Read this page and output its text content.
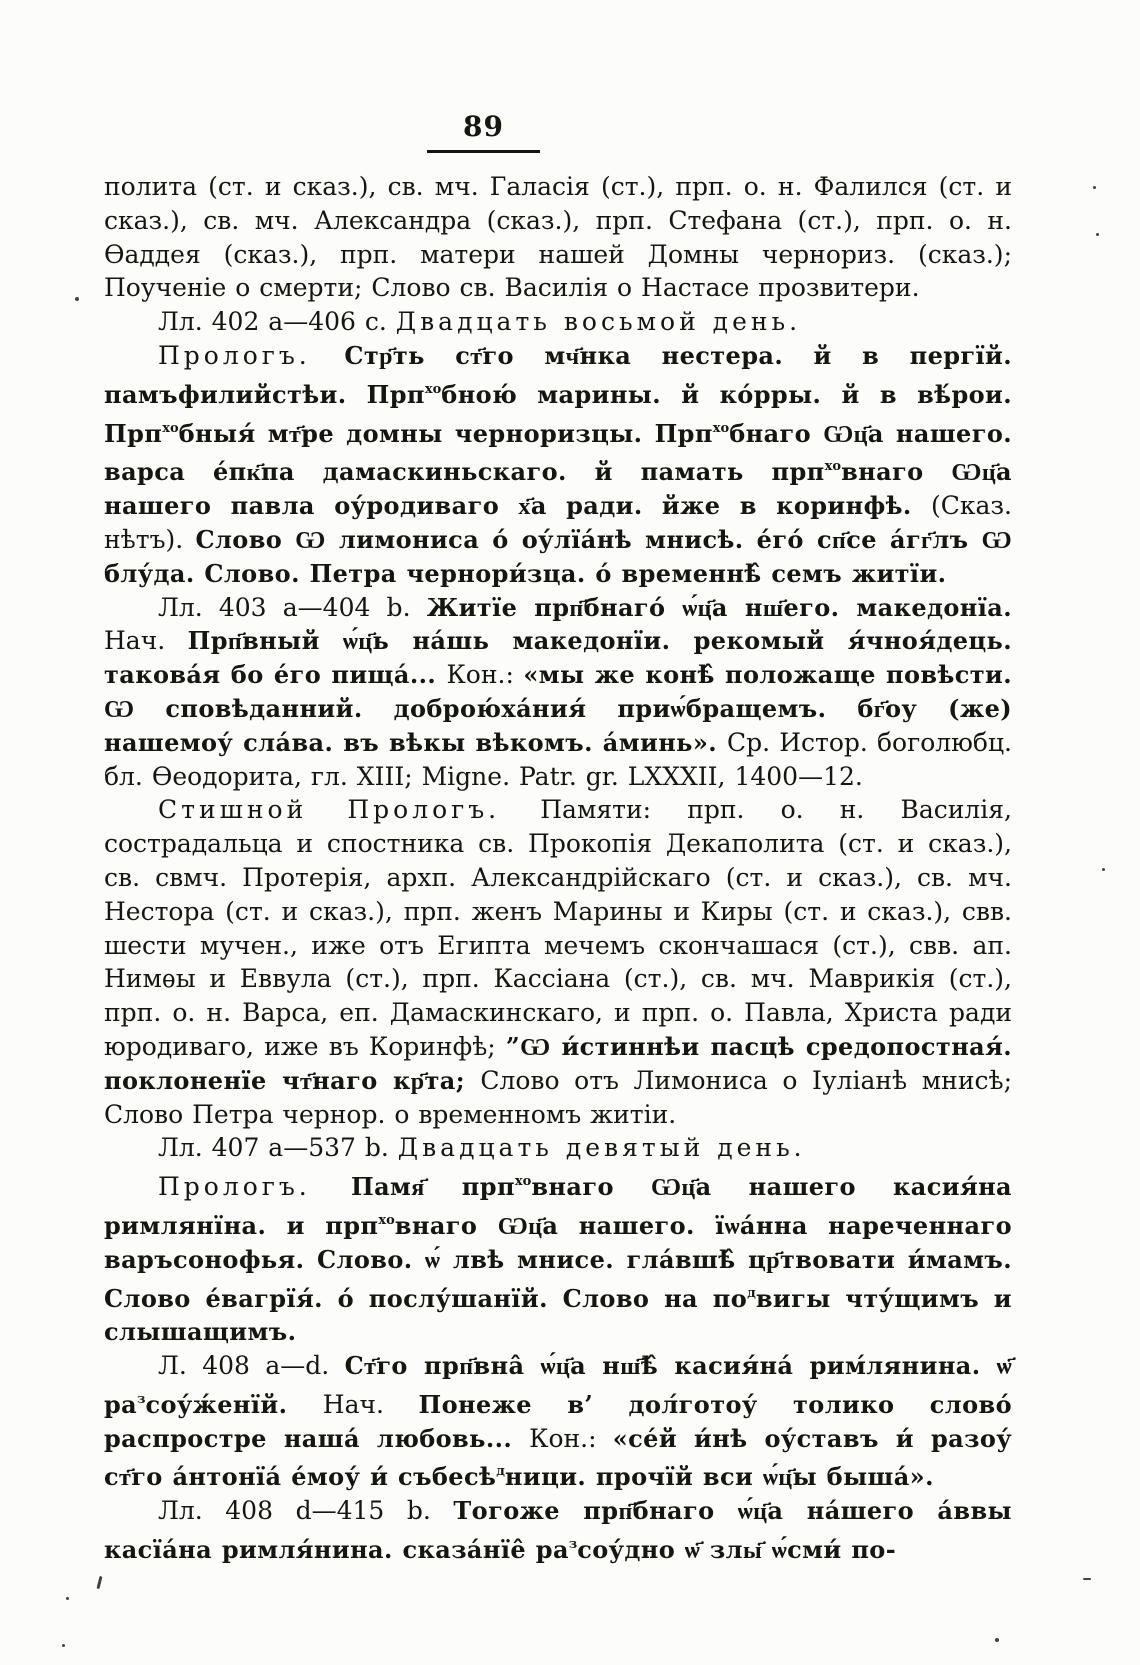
89

полита (ст. и сказ.), св. мч. Галасія (ст.), прп. о. н. Фалился (ст. и сказ.), св. мч. Александра (сказ.), прп. Стефана (ст.), прп. о. н. Ѳаддея (сказ.), прп. матери нашей Домны чернориз. (сказ.); Поученіе о смерти; Слово св. Василія о Настасе прозвитери.

Лл. 402 а—406 с. Двадцать восьмой день.

Прологъ. Стр҃ть ст҃го мч҃нка нестера. й в пергїй. памъфилийстѣи. Прп$^{хо}$бною́ марины. й ко́рры. й в вѣ́рои. Прп$^{хо}$бныя́ мт҃ре домны черноризцы. Прп$^{хо}$бнаго Ѡц҃а нашего. варса е́пк҃па дамаскиньскаго. й памать прп$^{хо}$внаго Ѡц҃а нашего павла оу́родиваго х҃а ради. йже в коринфѣ. (Сказ. нѣтъ). Слово Ѡ лимониса о́ оу́лїа́нѣ мнисѣ. е́го́ сп҃се а́гг҃лъ Ѡ блу́да. Слово. Петра чернори́зца. о́ временнѣ̂ семъ житїи.

Лл. 403 а—404 b. Житїе прп҃бнаго́ ѡ́ц҃а нш҃его. македонїа. Нач. Прп҃вный ѡ́ц҃ь на́шь македонїи. рекомый я́чноя́дець. такова́я бо е́го пища́... Кон.: «мы же конѣ̂ положаще повѣсти. Ѡ сповѣданний. доброю́ха́ния́ приѡ́бращемъ. бг҃оу (же) нашемоу́ сла́ва. въ вѣкы вѣкомъ. а́минь». Ср. Истор. боголюбц. бл. Ѳеодорита, гл. XIII; Migne. Patr. gr. LXXXII, 1400—12.

Стишной Прологъ. Памяти: прп. о. н. Василія, сострадальца и спостника св. Прокопія Декаполита (ст. и сказ.), св. свмч. Протерія, архп. Александрійскаго (ст. и сказ.), св. мч. Нестора (ст. и сказ.), прп. женъ Марины и Киры (ст. и сказ.), свв. шести мучен., иже отъ Египта мечемъ скончашася (ст.), свв. ап. Нимѳы и Еввула (ст.), прп. Кассіана (ст.), св. мч. Маврикія (ст.), прп. о. н. Варса, еп. Дамаскинскаго, и прп. о. Павла, Христа ради юродиваго, иже въ Коринфѣ; ”Ѡ и́стиннѣи пасцѣ средопостная́. поклоненїе чт҃наго кр҃та; Слово отъ Лимониса о Іуліанѣ мнисѣ; Слово Петра чернор. о временномъ житіи.

Лл. 407 а—537 b. Двадцать девятый день.

Прологъ. Памя҃ прп$^{хо}$внаго Ѡц҃а нашего касия́на римлянїна. и прп$^{хо}$внаго Ѡц҃а нашего. їѡа́нна нареченнаго варъсонофья. Слово. ѡ́ лвѣ мнисе. гла́вшѣ̂ цр҃твовати и́мамъ. Слово е́вагрїя́. о́ послу́шанїй. Слово на $по^двигы$ чту́щимъ и слышащимъ.

Л. 408 а—d. Ст҃го прп҃вна̂ ѡ́ц҃а нш҃ѣ̂ касия́на́ рим́лянина. ѡ҃ $ра^зсоу́ж́енїй$. Нач. Понеже в’ дол́готоу́ толико слово́ распростре наша́ любовь... Кон.: «се́й и́нѣ оу́ставъ и́ разоу́ ст҃го а́нтонїа́ е́моу́ и́ събесѣ$^д$ници. прочїй вси ѡ́ц҃ы быша́».

Лл. 408 d—415 b. Тогоже прп҃бнаго ѡ́ц҃а на́шего а́ввы касїа́на римля́нина. сказа́нїе̂ $ра^зсоу́дно$ ѡ҃ злы҃ ѡ́сми́ по-
